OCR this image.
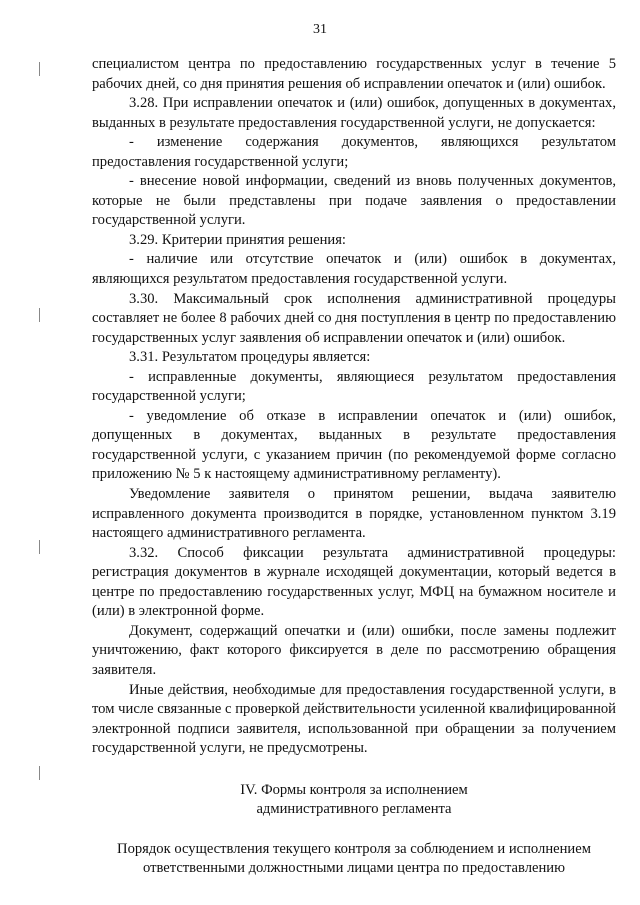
31

специалистом центра по предоставлению государственных услуг в течение 5 рабочих дней, со дня принятия решения об исправлении опечаток и (или) ошибок.

3.28. При исправлении опечаток и (или) ошибок, допущенных в документах, выданных в результате предоставления государственной услуги, не допускается:

- изменение содержания документов, являющихся результатом предоставления государственной услуги;

- внесение новой информации, сведений из вновь полученных документов, которые не были представлены при подаче заявления о предоставлении государственной услуги.

3.29. Критерии принятия решения:

- наличие или отсутствие опечаток и (или) ошибок в документах, являющихся результатом предоставления государственной услуги.

3.30. Максимальный срок исполнения административной процедуры составляет не более 8 рабочих дней со дня поступления в центр по предоставлению государственных услуг заявления об исправлении опечаток и (или) ошибок.

3.31. Результатом процедуры является:

- исправленные документы, являющиеся результатом предоставления государственной услуги;

- уведомление об отказе в исправлении опечаток и (или) ошибок, допущенных в документах, выданных в результате предоставления государственной услуги, с указанием причин (по рекомендуемой форме согласно приложению № 5 к настоящему административному регламенту).

Уведомление заявителя о принятом решении, выдача заявителю исправленного документа производится в порядке, установленном пунктом 3.19 настоящего административного регламента.

3.32. Способ фиксации результата административной процедуры: регистрация документов в журнале исходящей документации, который ведется в центре по предоставлению государственных услуг, МФЦ на бумажном носителе и (или) в электронной форме.

Документ, содержащий опечатки и (или) ошибки, после замены подлежит уничтожению, факт которого фиксируется в деле по рассмотрению обращения заявителя.

Иные действия, необходимые для предоставления государственной услуги, в том числе связанные с проверкой действительности усиленной квалифицированной электронной подписи заявителя, использованной при обращении за получением государственной услуги, не предусмотрены.

IV. Формы контроля за исполнением
административного регламента
Порядок осуществления текущего контроля за соблюдением и исполнением
ответственными должностными лицами центра по предоставлению
